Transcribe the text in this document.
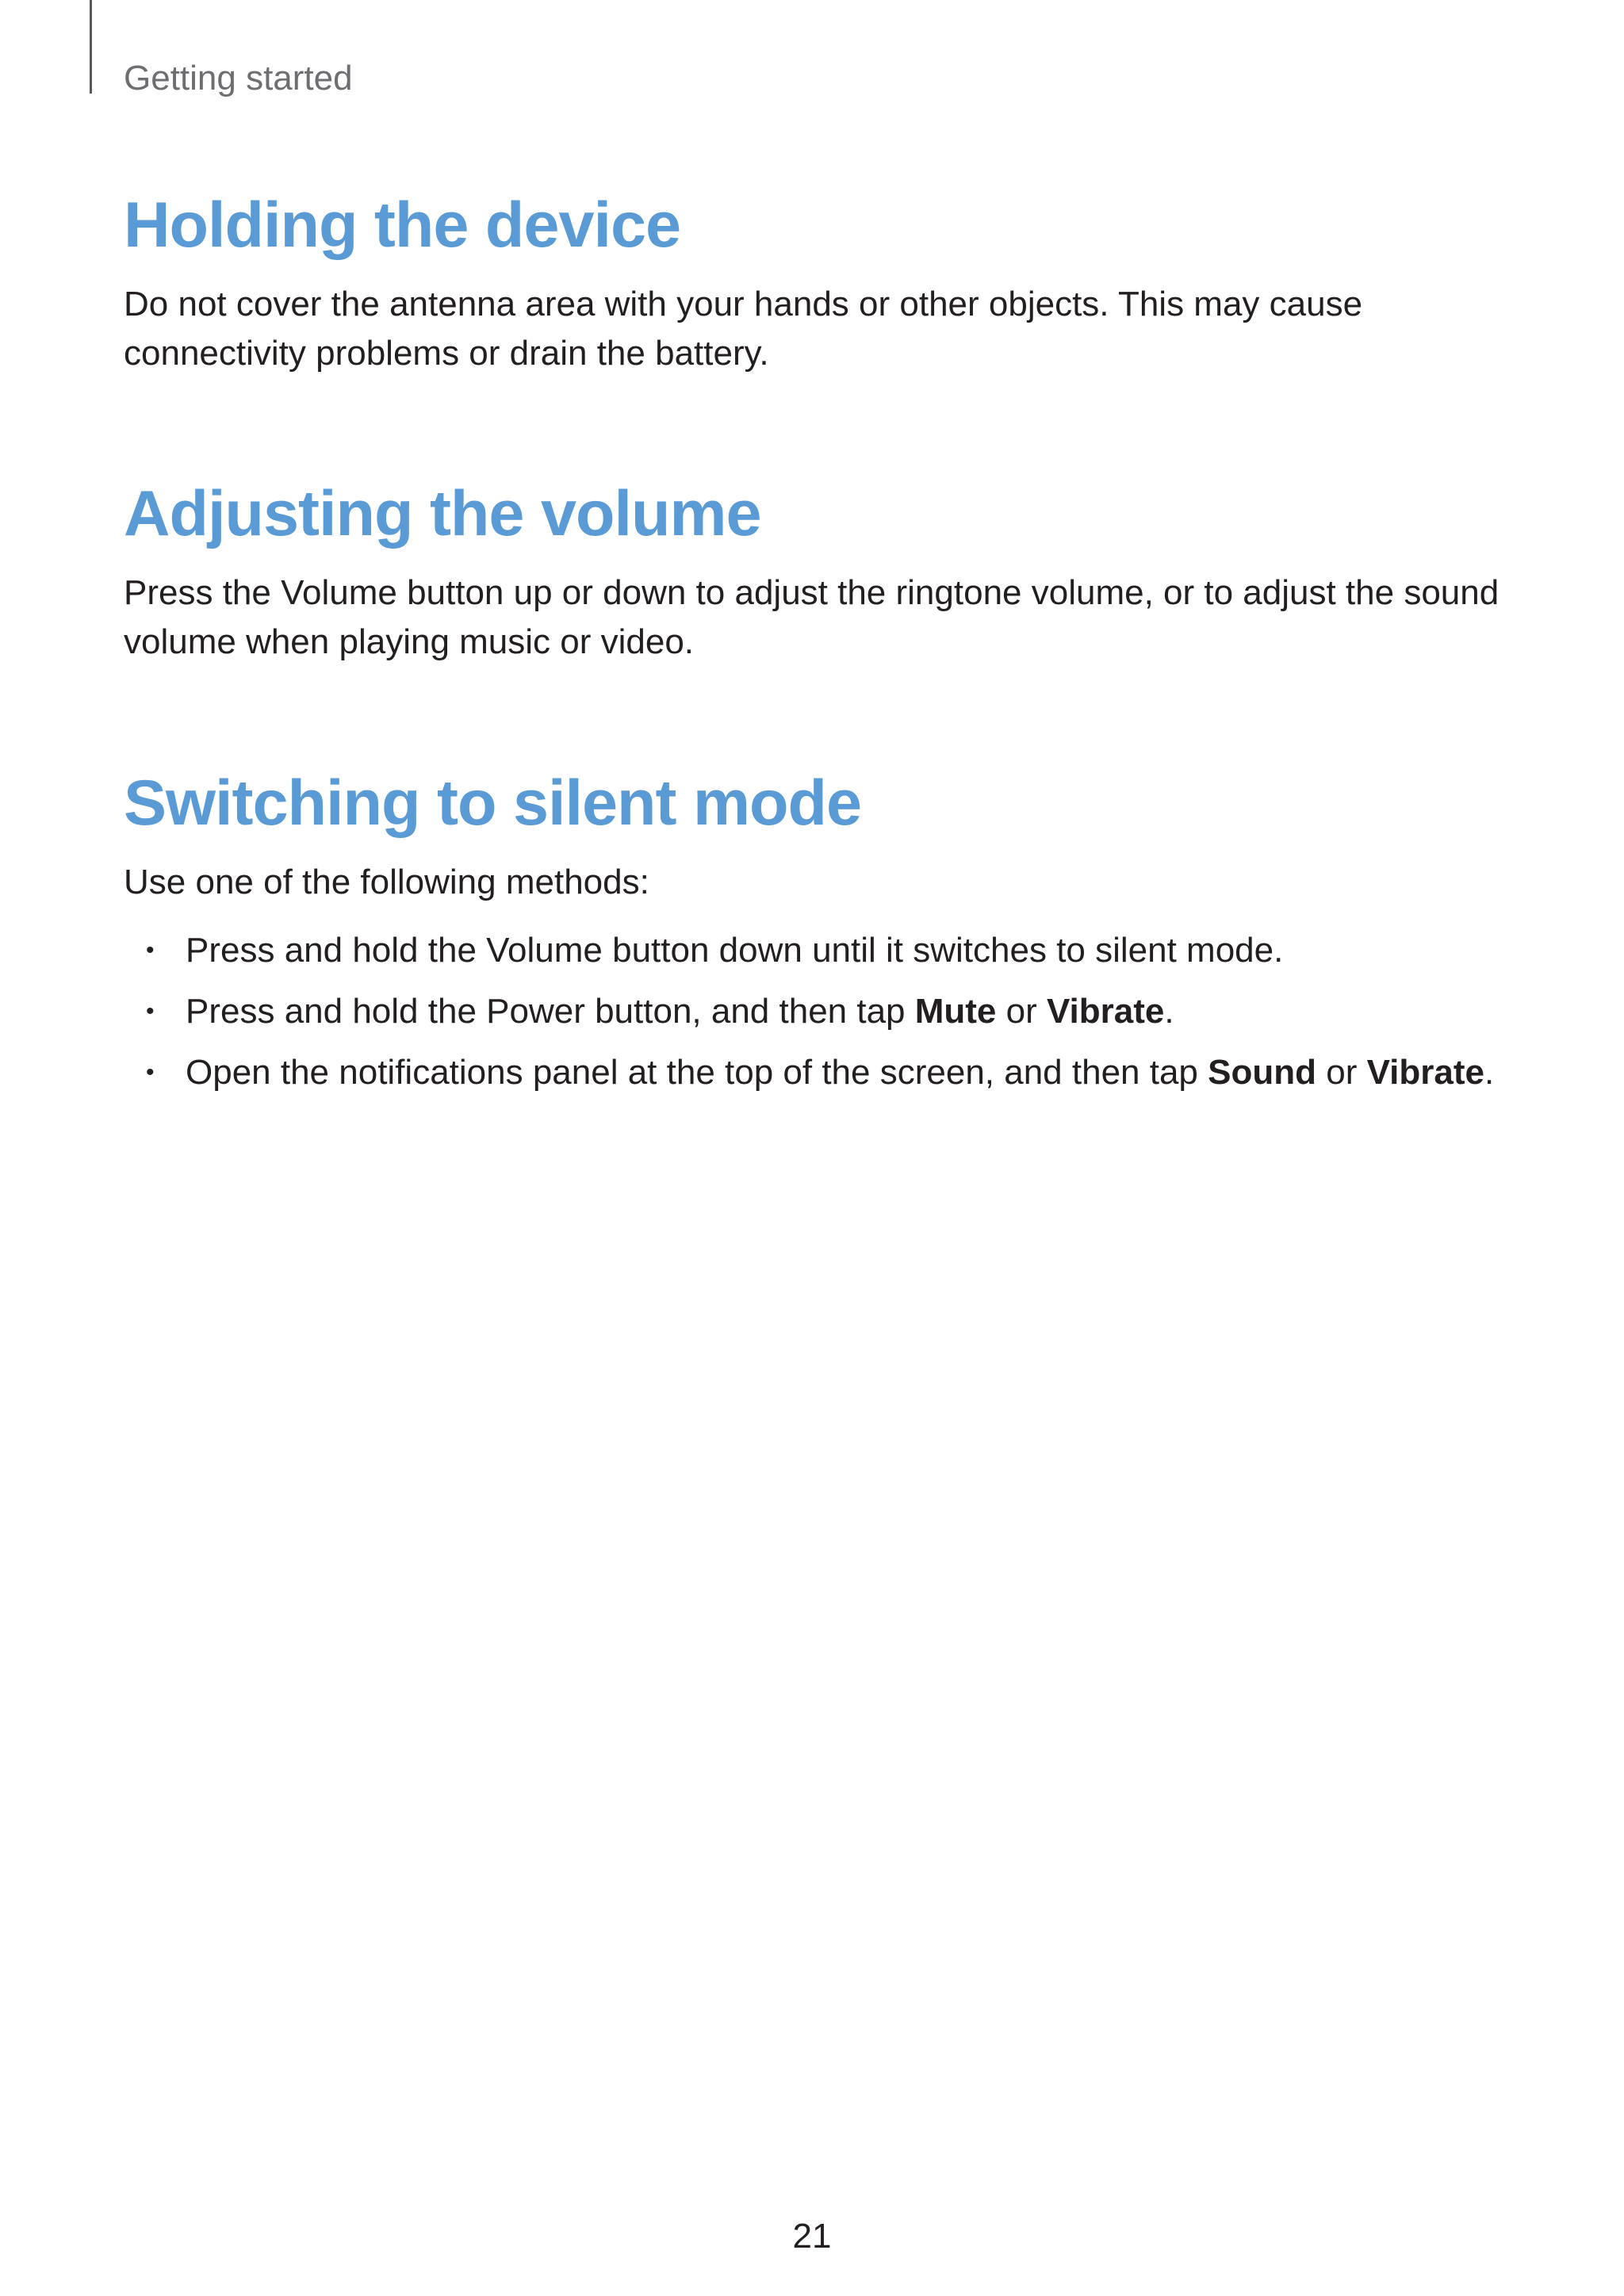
Getting started
Holding the device

Do not cover the antenna area with your hands or other objects. This may cause connectivity problems or drain the battery.

Adjusting the volume

Press the Volume button up or down to adjust the ringtone volume, or to adjust the sound volume when playing music or video.

Switching to silent mode

Use one of the following methods:

• Press and hold the Volume button down until it switches to silent mode.
• Press and hold the Power button, and then tap Mute or Vibrate.
• Open the notifications panel at the top of the screen, and then tap Sound or Vibrate.
21
